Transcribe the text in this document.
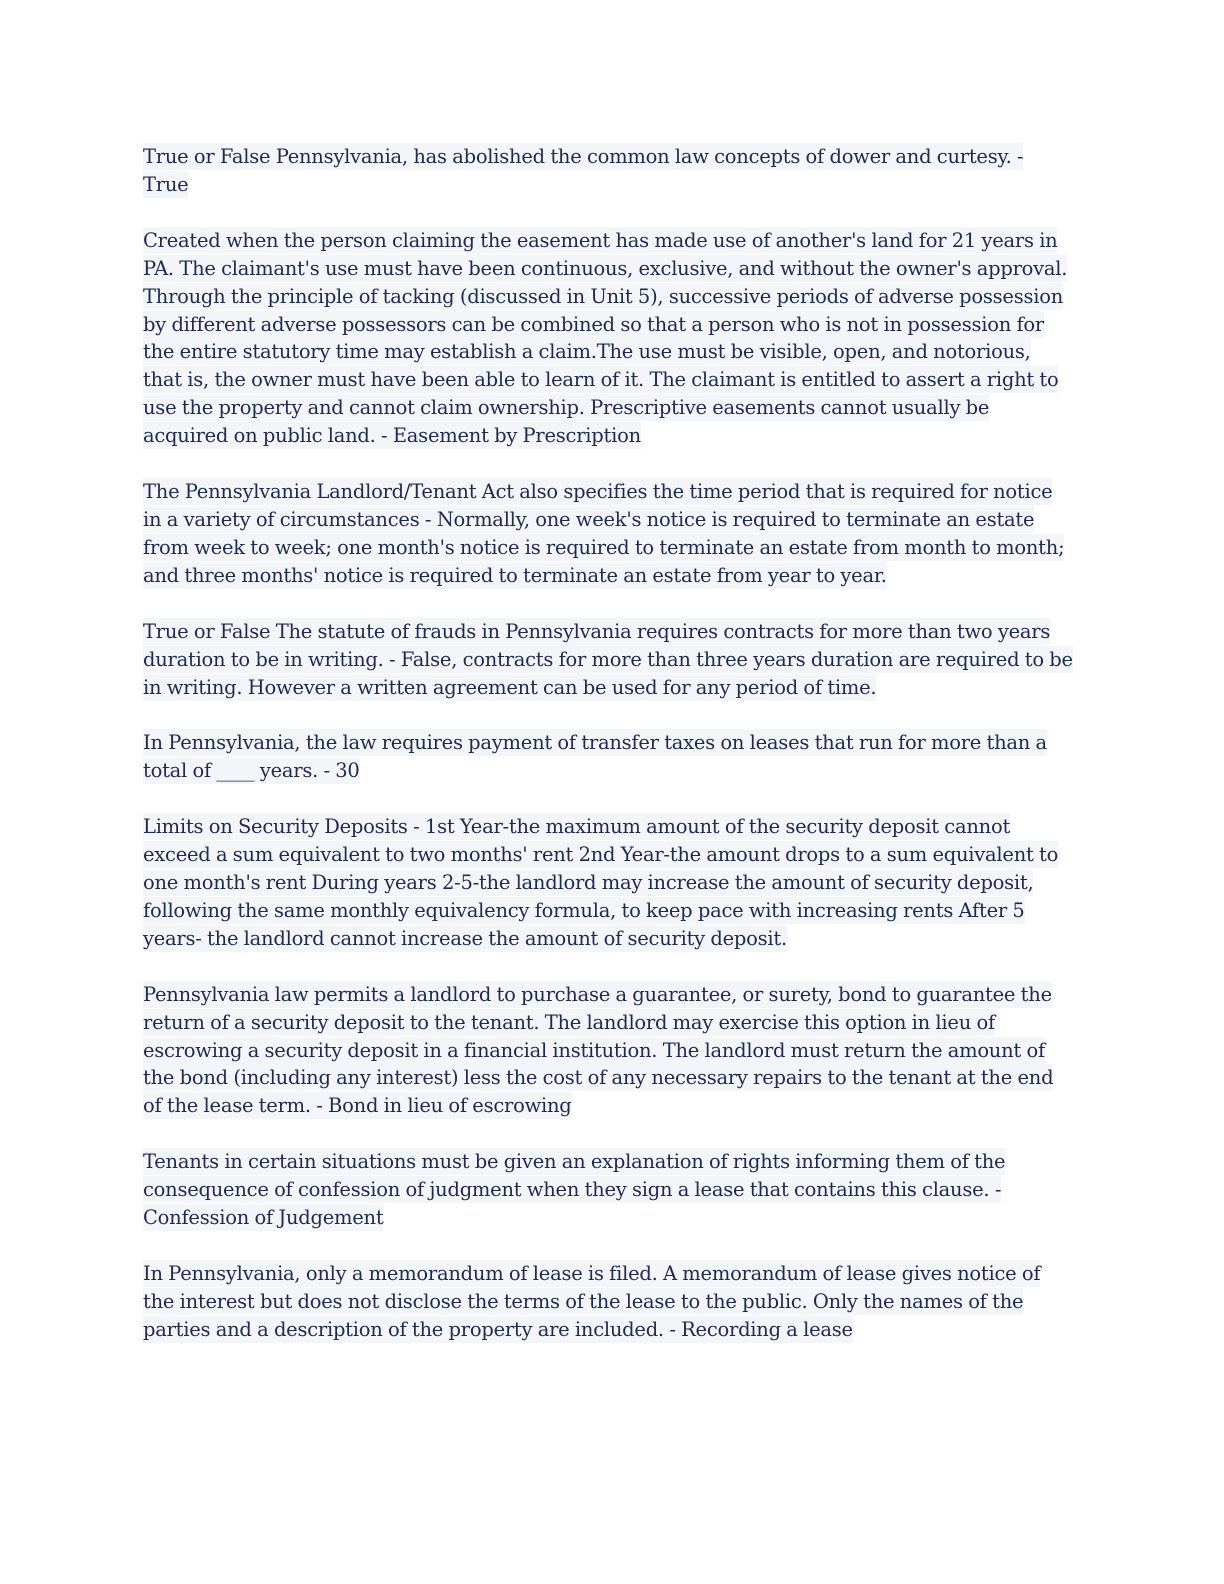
True or False Pennsylvania, has abolished the common law concepts of dower and curtesy. - True

Created when the person claiming the easement has made use of another's land for 21 years in PA. The claimant's use must have been continuous, exclusive, and without the owner's approval. Through the principle of tacking (discussed in Unit 5), successive periods of adverse possession by different adverse possessors can be combined so that a person who is not in possession for the entire statutory time may establish a claim.The use must be visible, open, and notorious, that is, the owner must have been able to learn of it. The claimant is entitled to assert a right to use the property and cannot claim ownership. Prescriptive easements cannot usually be acquired on public land. - Easement by Prescription

The Pennsylvania Landlord/Tenant Act also specifies the time period that is required for notice in a variety of circumstances - Normally, one week's notice is required to terminate an estate from week to week; one month's notice is required to terminate an estate from month to month; and three months' notice is required to terminate an estate from year to year.

True or False The statute of frauds in Pennsylvania requires contracts for more than two years duration to be in writing. - False, contracts for more than three years duration are required to be in writing. However a written agreement can be used for any period of time.

In Pennsylvania, the law requires payment of transfer taxes on leases that run for more than a total of ____ years. - 30

Limits on Security Deposits - 1st Year-the maximum amount of the security deposit cannot exceed a sum equivalent to two months' rent 2nd Year-the amount drops to a sum equivalent to one month's rent During years 2-5-the landlord may increase the amount of security deposit, following the same monthly equivalency formula, to keep pace with increasing rents After 5 years- the landlord cannot increase the amount of security deposit.

Pennsylvania law permits a landlord to purchase a guarantee, or surety, bond to guarantee the return of a security deposit to the tenant. The landlord may exercise this option in lieu of escrowing a security deposit in a financial institution. The landlord must return the amount of the bond (including any interest) less the cost of any necessary repairs to the tenant at the end of the lease term. - Bond in lieu of escrowing

Tenants in certain situations must be given an explanation of rights informing them of the consequence of confession of judgment when they sign a lease that contains this clause. - Confession of Judgement

In Pennsylvania, only a memorandum of lease is filed. A memorandum of lease gives notice of the interest but does not disclose the terms of the lease to the public. Only the names of the parties and a description of the property are included. - Recording a lease
